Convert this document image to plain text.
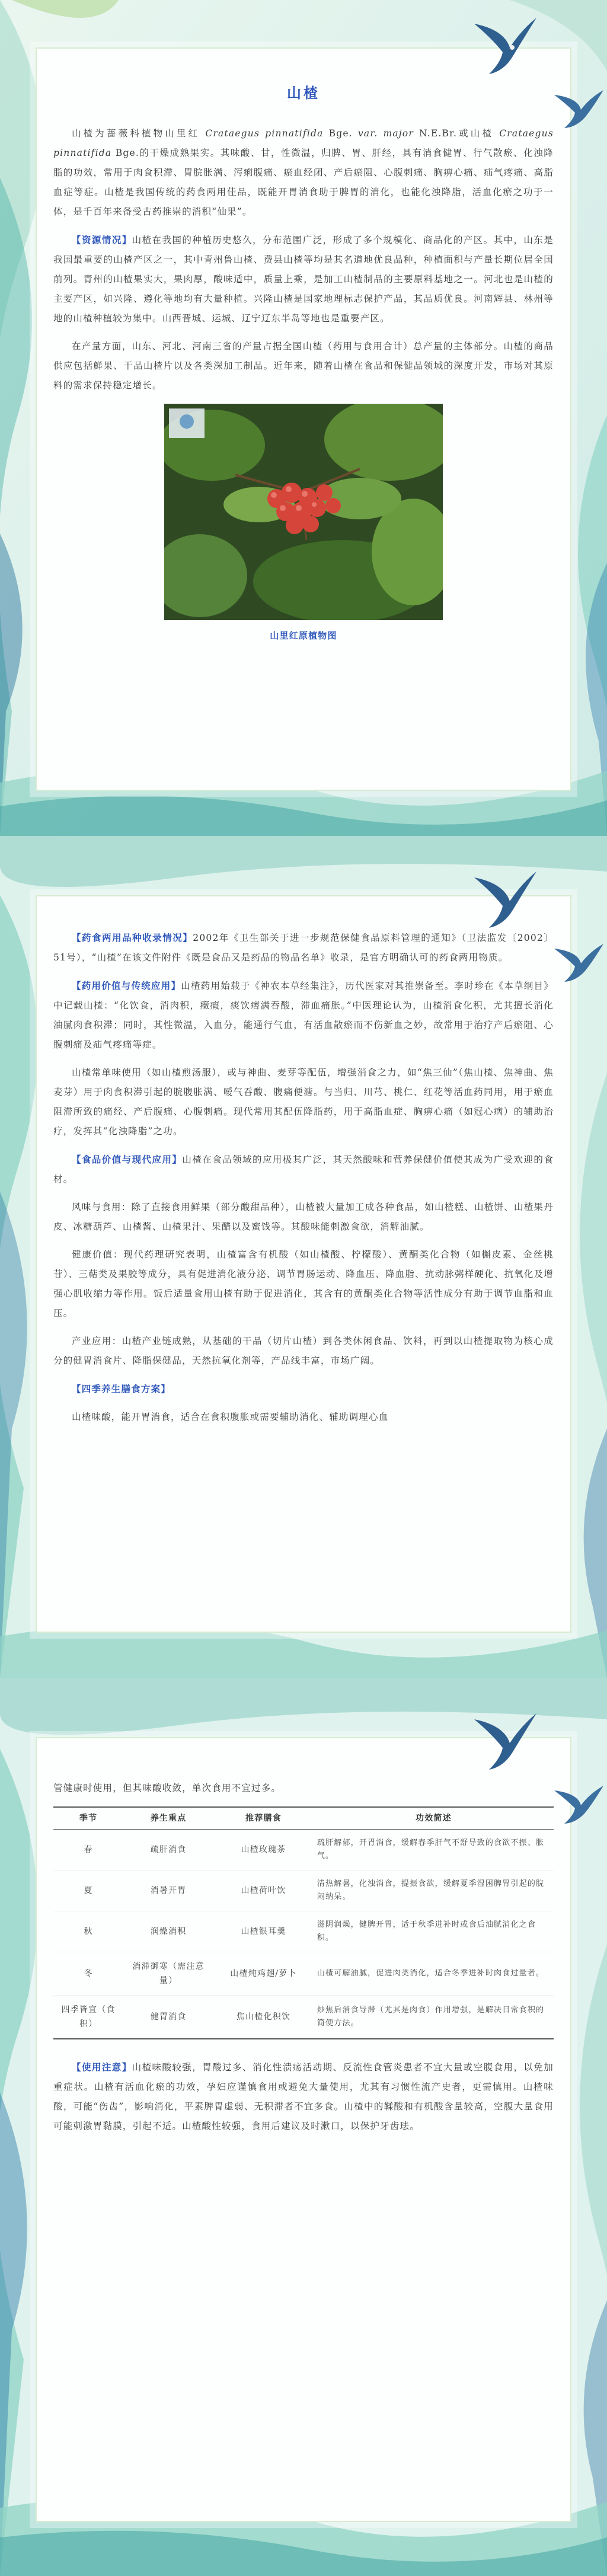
山楂

山楂为蔷薇科植物山里红 Crataegus pinnatifida Bge. var. major N.E.Br.或山楂 Crataegus pinnatifida Bge.的干燥成熟果实。其味酸、甘，性微温，归脾、胃、肝经，具有消食健胃、行气散瘀、化浊降脂的功效，常用于肉食积滞、胃脘胀满、泻痢腹痛、瘀血经闭、产后瘀阻、心腹刺痛、胸痹心痛、疝气疼痛、高脂血症等症。山楂是我国传统的药食两用佳品，既能开胃消食助于脾胃的消化，也能化浊降脂，活血化瘀之功于一体，是千百年来备受古药推崇的消积“仙果”。

【资源情况】山楂在我国的种植历史悠久，分布范围广泛，形成了多个规模化、商品化的产区。其中，山东是我国最重要的山楂产区之一，其中青州鲁山楂、费县山楂等均是其名道地优良品种，种植面积与产量长期位居全国前列。青州的山楂果实大，果肉厚，酸味适中，质量上乘，是加工山楂制品的主要原料基地之一。河北也是山楂的主要产区，如兴隆、遵化等地均有大量种植。兴隆山楂是国家地理标志保护产品，其品质优良。河南辉县、林州等地的山楂种植较为集中。山西晋城、运城、辽宁辽东半岛等地也是重要产区。

在产量方面，山东、河北、河南三省的产量占据全国山楂（药用与食用合计）总产量的主体部分。山楂的商品供应包括鲜果、干品山楂片以及各类深加工制品。近年来，随着山楂在食品和保健品领域的深度开发，市场对其原料的需求保持稳定增长。

山里红原植物图

【药食两用品种收录情况】2002年《卫生部关于进一步规范保健食品原料管理的通知》（卫法监发〔2002〕51号），“山楂”在该文件附件《既是食品又是药品的物品名单》收录，是官方明确认可的药食两用物质。

【药用价值与传统应用】山楂药用始载于《神农本草经集注》，历代医家对其推崇备至。李时珍在《本草纲目》中记载山楂：“化饮食，消肉积，癥瘕，痰饮痞满吞酸，滞血痛胀。”中医理论认为，山楂消食化积，尤其擅长消化油腻肉食积滞；同时，其性微温，入血分，能通行气血，有活血散瘀而不伤新血之妙，故常用于治疗产后瘀阻、心腹刺痛及疝气疼痛等症。

山楂常单味使用（如山楂煎汤服），或与神曲、麦芽等配伍，增强消食之力，如“焦三仙”（焦山楂、焦神曲、焦麦芽）用于肉食积滞引起的脘腹胀满、嗳气吞酸、腹痛便溏。与当归、川芎、桃仁、红花等活血药同用，用于瘀血阻滞所致的痛经、产后腹痛、心腹刺痛。现代常用其配伍降脂药，用于高脂血症、胸痹心痛（如冠心病）的辅助治疗，发挥其“化浊降脂”之功。

【食品价值与现代应用】山楂在食品领域的应用极其广泛，其天然酸味和营养保健价值使其成为广受欢迎的食材。

风味与食用：除了直接食用鲜果（部分酸甜品种），山楂被大量加工成各种食品，如山楂糕、山楂饼、山楂果丹皮、冰糖葫芦、山楂酱、山楂果汁、果醋以及蜜饯等。其酸味能刺激食欲，消解油腻。

健康价值：现代药理研究表明，山楂富含有机酸（如山楂酸、柠檬酸）、黄酮类化合物（如槲皮素、金丝桃苷）、三萜类及果胶等成分，具有促进消化液分泌、调节胃肠运动、降血压、降血脂、抗动脉粥样硬化、抗氧化及增强心肌收缩力等作用。饭后适量食用山楂有助于促进消化，其含有的黄酮类化合物等活性成分有助于调节血脂和血压。

产业应用：山楂产业链成熟，从基础的干品（切片山楂）到各类休闲食品、饮料，再到以山楂提取物为核心成分的健胃消食片、降脂保健品，天然抗氧化剂等，产品线丰富，市场广阔。

【四季养生膳食方案】

山楂味酸，能开胃消食，适合在食积腹胀或需要辅助消化、辅助调理心血

管健康时使用，但其味酸收敛，单次食用不宜过多。

季节	养生重点	推荐膳食	功效简述
春	疏肝消食	山楂玫瑰茶	疏肝解郁，开胃消食，缓解春季肝气不舒导致的食欲不振、胀气。
夏	消暑开胃	山楂荷叶饮	清热解暑，化浊消食，提振食欲，缓解夏季湿困脾胃引起的脘闷纳呆。
秋	润燥消积	山楂银耳羹	滋阴润燥，健脾开胃，适于秋季进补时或食后油腻消化之食积。
冬	消滞御寒（需注意量）	山楂炖鸡翅/萝卜	山楂可解油腻，促进肉类消化，适合冬季进补时肉食过量者。
四季皆宜（食积）	健胃消食	焦山楂化积饮	炒焦后消食导滞（尤其是肉食）作用增强，是解决日常食积的简便方法。

【使用注意】山楂味酸较强，胃酸过多、消化性溃疡活动期、反流性食管炎患者不宜大量或空腹食用，以免加重症状。山楂有活血化瘀的功效，孕妇应谨慎食用或避免大量使用，尤其有习惯性流产史者，更需慎用。山楂味酸，可能“伤齿”，影响消化，平素脾胃虚弱、无积滞者不宜多食。山楂中的鞣酸和有机酸含量较高，空腹大量食用可能刺激胃黏膜，引起不适。山楂酸性较强，食用后建议及时漱口，以保护牙齿珐。
